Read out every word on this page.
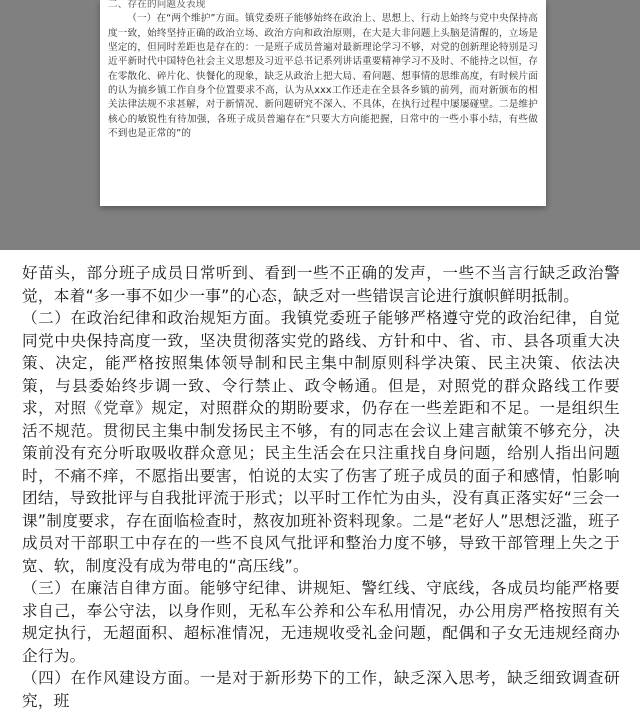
二、存在的问题及表现

（一）在“两个维护”方面。镇党委班子能够始终在政治上、思想上、行动上始终与党中央保持高度一致，始终坚持正确的政治立场、政治方向和政治原则，在大是大非问题上头脑是清醒的，立场是坚定的，但同时差距也是存在的：一是班子成员普遍对最新理论学习不够，对党的创新理论特别是习近平新时代中国特色社会主义思想及习近平总书记系列讲话重要精神学习不及时、不能持之以恒，存在零散化、碎片化、快餐化的现象，缺乏从政治上把大局、看问题、想事情的思维高度，有时候片面的认为搞乡镇工作自身个位置要求不高，认为从xxx工作还走在全县各乡镇的前列，而对新颁布的相关法律法规不求甚解，对于新情况、新问题研究不深入、不具体，在执行过程中屡屡碰壁。二是维护核心的敏锐性有待加强，各班子成员普遍存在“只要大方向能把握，日常中的一些小事小结，有些做不到也是正常的”的

好苗头，部分班子成员日常听到、看到一些不正确的发声，一些不当言行缺乏政治警觉，本着“多一事不如少一事”的心态，缺乏对一些错误言论进行旗帜鲜明抵制。

（二）在政治纪律和政治规矩方面。我镇党委班子能够严格遵守党的政治纪律，自觉同党中央保持高度一致，坚决贯彻落实党的路线、方针和中、省、市、县各项重大决策、决定，能严格按照集体领导制和民主集中制原则科学决策、民主决策、依法决策，与县委始终步调一致、令行禁止、政令畅通。但是，对照党的群众路线工作要求，对照《党章》规定，对照群众的期盼要求，仍存在一些差距和不足。一是组织生活不规范。贯彻民主集中制发扬民主不够，有的同志在会议上建言献策不够充分，决策前没有充分听取吸收群众意见；民主生活会在只注重找自身问题，给别人指出问题时，不痛不痒，不愿指出要害，怕说的太实了伤害了班子成员的面子和感情，怕影响团结，导致批评与自我批评流于形式；以平时工作忙为由头，没有真正落实好“三会一课”制度要求，存在面临检查时，熬夜加班补资料现象。二是“老好人”思想泛滥，班子成员对干部职工中存在的一些不良风气批评和整治力度不够，导致干部管理上失之于宽、软，制度没有成为带电的“高压线”。

（三）在廉洁自律方面。能够守纪律、讲规矩、警红线、守底线，各成员均能严格要求自己，奉公守法，以身作则，无私车公养和公车私用情况，办公用房严格按照有关规定执行，无超面积、超标准情况，无违规收受礼金问题，配偶和子女无违规经商办企行为。

（四）在作风建设方面。一是对于新形势下的工作，缺乏深入思考，缺乏细致调查研究，班
